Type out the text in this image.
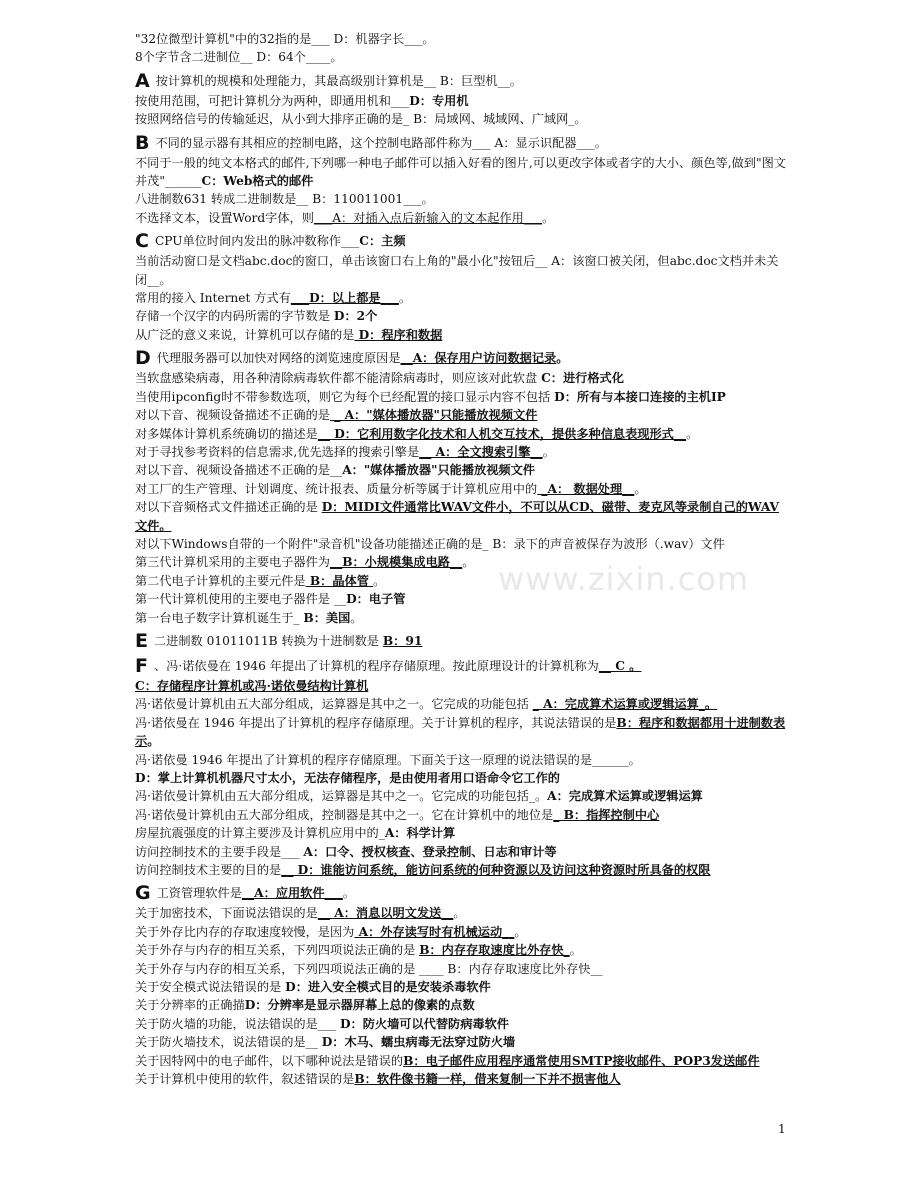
"32位微型计算机"中的32指的是___ D：机器字长___。
8个字节含二进制位__ D：64个____。
A按计算机的规模和处理能力，其最高级别计算机是__ B：巨型机__。
按使用范围，可把计算机分为两种，即通用机和___D：专用机
按照网络信号的传输延迟，从小到大排序正确的是_ B：局域网、城域网、广域网_。
B不同的显示器有其相应的控制电路，这个控制电路部件称为___ A：显示识配器___。
不同于一般的纯文本格式的邮件,下列哪一种电子邮件可以插入好看的图片,可以更改字体或者字的大小、颜色等,做到"图文并茂"______C：Web格式的邮件
八进制数631 转成二进制数是__ B：110011001___。
不选择文本，设置Word字体，则___A：对插入点后新输入的文本起作用___。
CCPU单位时间内发出的脉冲数称作___C：主频
当前活动窗口是文档abc.doc的窗口，单击该窗口右上角的"最小化"按钮后__ A：该窗口被关闭，但abc.doc文档并未关闭__。
常用的接入 Internet 方式有___D：以上都是___。
存储一个汉字的内码所需的字节数是 D：2个
从广泛的意义来说，计算机可以存储的是 D：程序和数据
D代理服务器可以加快对网络的浏览速度原因是__A：保存用户访问数据记录。
当软盘感染病毒，用各种清除病毒软件都不能清除病毒时，则应该对此软盘 C：进行格式化
当使用ipconfig时不带参数选项，则它为每个已经配置的接口显示内容不包括 D：所有与本接口连接的主机IP
对以下音、视频设备描述不正确的是 _ A："媒体播放器"只能播放视频文件
对多媒体计算机系统确切的描述是__ D：它利用数字化技术和人机交互技术，提供多种信息表现形式__。
对于寻找参考资料的信息需求,优先选择的搜索引擎是__ A：全文搜索引擎__。
对以下音、视频设备描述不正确的是__A："媒体播放器"只能播放视频文件
对工厂的生产管理、计划调度、统计报表、质量分析等属于计算机应用中的 _A： 数据处理__。
对以下音频格式文件描述正确的是 D：MIDI文件通常比WAV文件小，不可以从CD、磁带、麦克风等录制自己的WAV 文件。
对以下Windows自带的一个附件"录音机"设备功能描述正确的是_ B：录下的声音被保存为波形（.wav）文件
第三代计算机采用的主要电子器件为__B：小规模集成电路__。
第二代电子计算机的主要元件是 B：晶体管 。
第一代计算机使用的主要电子器件是 __D：电子管
第一台电子数字计算机诞生于_ B：美国。
E二进制数 01011011B 转换为十进制数是 B：91
F 、冯·诺依曼在 1946 年提出了计算机的程序存储原理。按此原理设计的计算机称为__ C 。
C：存储程序计算机或冯·诺依曼结构计算机
冯·诺依曼计算机由五大部分组成，运算器是其中之一。它完成的功能包括 _ A：完成算术运算或逻辑运算_。
冯·诺依曼在 1946 年提出了计算机的程序存储原理。关于计算机的程序，其说法错误的是B：程序和数据都用十进制数表示。
冯·诺依曼 1946 年提出了计算机的程序存储原理。下面关于这一原理的说法错误的是______。
D：掌上计算机机器尺寸太小，无法存储程序，是由使用者用口语命令它工作的
冯·诺依曼计算机由五大部分组成，运算器是其中之一。它完成的功能包括_。A：完成算术运算或逻辑运算
冯·诺依曼计算机由五大部分组成，控制器是其中之一。它在计算机中的地位是_ B：指挥控制中心
房屋抗震强度的计算主要涉及计算机应用中的_A：科学计算
访问控制技术的主要手段是___ A：口令、授权核查、登录控制、日志和审计等
访问控制技术主要的目的是__ D：谁能访问系统，能访问系统的何种资源以及访问这种资源时所具备的权限
G工资管理软件是__A：应用软件___。
关于加密技术，下面说法错误的是__ A：消息以明文发送__。
关于外存比内存的存取速度较慢，是因为 A：外存读写时有机械运动__。
关于外存与内存的相互关系，下列四项说法正确的是 B：内存存取速度比外存快_。
关于外存与内存的相互关系，下列四项说法正确的是 ____ B：内存存取速度比外存快__
关于安全模式说法错误的是 D：进入安全模式目的是安装杀毒软件
关于分辨率的正确描D：分辨率是显示器屏幕上总的像素的点数
关于防火墙的功能，说法错误的是___ D：防火墙可以代替防病毒软件
关于防火墙技术，说法错误的是__ D：木马、蠕虫病毒无法穿过防火墙
关于因特网中的电子邮件，以下哪种说法是错误的B：电子邮件应用程序通常使用SMTP接收邮件、POP3发送邮件
关于计算机中使用的软件，叙述错误的是B：软件像书籍一样，借来复制一下并不损害他人
www.zixin.com
1
